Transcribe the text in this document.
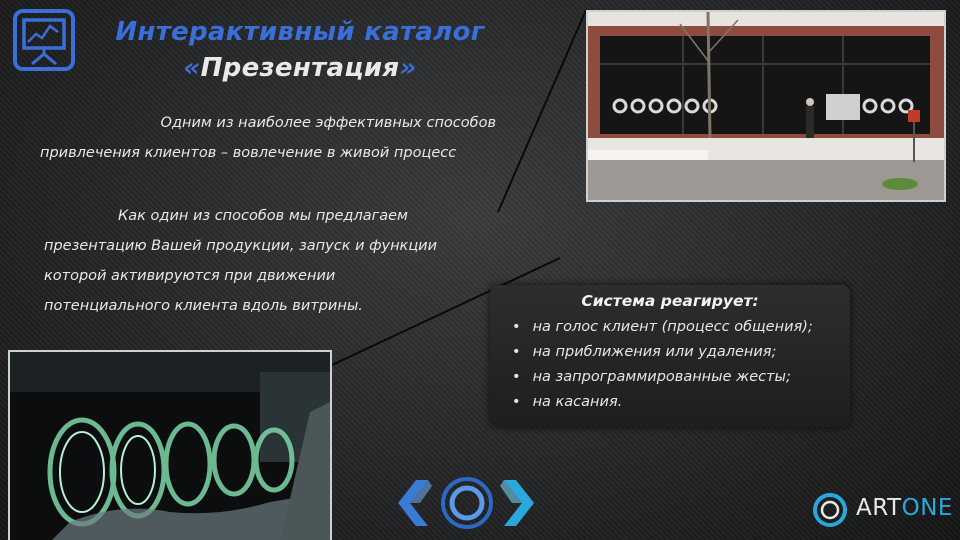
Интерактивный каталог
«Презентация»
Одним из наиболее эффективных способов
привлечения клиентов – вовлечение в живой процесс
Как один из способов мы предлагаем
презентацию Вашей продукции, запуск и функции
которой активируются при движении
потенциального клиента вдоль витрины.	Система реагирует:
• на голос клиент (процесс общения);
• на приближения или удаления;
• на запрограммированные жесты;
• на касания.
ARTONE
